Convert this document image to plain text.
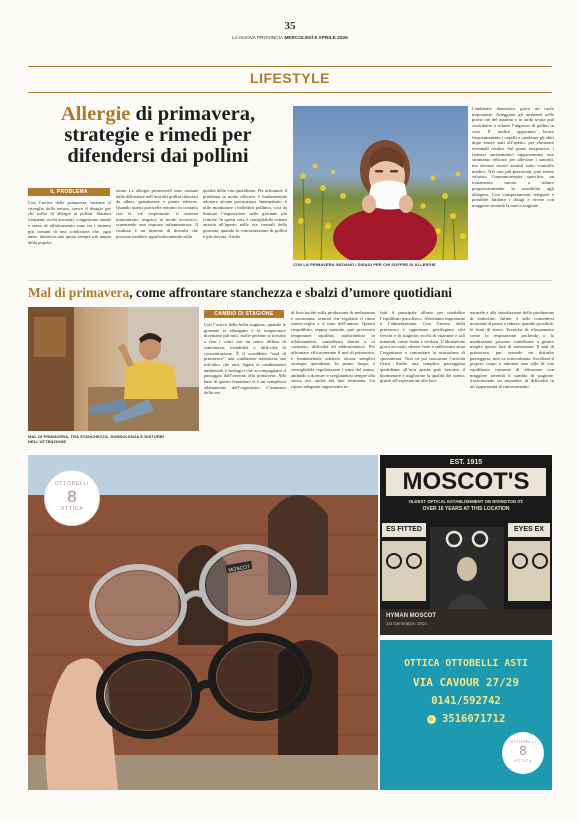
35
LA NUOVA PROVINCIA MERCOLEDÌ 8 APRILE 2026
LIFESTYLE
Allergie di primavera,
strategie e rimedi per
difendersi dai pollini
CON LA PRIMAVERA INIZIANO I DISAGI PER CHI SOFFRE DI ALLERGIE
IL PROBLEMA
Con l’arrivo della primavera, insieme al risveglio della natura, cresce il disagio per chi soffre di allergie ai pollini. Starnuti frequenti, occhi arrossati, congestione nasale e senso di affaticamento sono tra i sintomi più comuni di una condizione che, ogni anno, interessa una quota sempre più ampia della popola-
zione. Le allergie primaverili sono causate dalla diffusione nell’aria dei pollini rilasciati da alberi, graminacee e piante erbacee. Quando questi particelle entrano in contatto con le vie respiratorie, il sistema immunitario reagisce in modo eccessivo, scatenando una risposta infiammatoria. Il risultato è un insieme di disturbi che possono incidere significativamente sulla
qualità della vita quotidiana. Per affrontare il problema in modo efficace, è fondamentale adottare alcune precauzioni. Innanzitutto, è utile monitorare i bollettini pollinici, così da limitare l’esposizione nelle giornate più critiche. In questi casi, è consigliabile evitare attività all’aperto nelle ore centrali della giornata, quando la concentrazione di pollini è più elevata. Anche
l’ambiente domestico gioca un ruolo importante. Arieggiare gli ambienti nelle prime ore del mattino o in tarda serata può contribuire a ridurre l’ingresso di pollini in casa. È inoltre opportuno lavare frequentemente i capelli e cambiare gli abiti dopo essere stati all’aperto, per eliminare eventuali residui. Sul piano terapeutico, i farmaci antistaminici rappresentano uno strumento efficace per alleviare i sintomi, ma devono essere assunti sotto controllo medico. Nei casi più persistenti, può essere valutata l’immunoterapia specifica, un trattamento mirato a ridurre progressivamente la sensibilità agli allergeni. Con comportamenti adeguati e possibile limitare i disagi e vivere con maggiore serenità la nuova stagione.
Mal di primavera, come affrontare stanchezza e sbalzi d’umore quotidiani
MAL DI PRIMAVERA, TRA STANCHEZZA, SONNOLENZA E DISTURBI NELL’ATTENZIONE
CAMBIO DI STAGIONE
Con l’arrivo della bella stagione, quando le giornate si allungano e le temperature diventano più miti, molte persone si trovano a fare i conti con un senso diffuso di stanchezza, irritabilità e difficoltà di concentrazione. È il cosiddetto “mal di primavera”, una condizione transitoria, ma tutt’altro che rara, legata ai cambiamenti ambientali e biologici che accompagnano il passaggio dall’inverno alla primavera. Alla base di questo fenomeno vi è un complesso adattamento dell’organismo. L’aumento delle ore
di luce incide sulla produzione di melatonina e serotonina, ormoni che regolano il ritmo sonno-veglia e il tono dell’umore. Questo riequilibrio, seppur naturale, può provocare temporanei squilibri, traducendosi in affaticamento, sonnolenza diurna o, al contrario, difficoltà ad addormentarsi. Per affrontare efficacemente il mal di primavera, è fondamentale adottare alcune semplici strategie quotidiane. In primo luogo, è consigliabile regolarizzare i ritmi del sonno, andando a dormire e svegliandosi sempre alla stessa ora, anche nei fine settimana. Un riposo adeguato rappresenta in-
fatti il principale alleato per ristabilire l’equilibrio psicofisico. Altrettanto importante è l’alimentazione. Con l’arrivo della primavera è opportuno privilegiare cibi freschi e di stagione, ricchi di vitamine e sali minerali, come frutta e verdura. L’idratazione gioca un ruolo chiave: bere a sufficienza aiuta l’organismo a contrastare la sensazione di spossatezza. Non va poi trascurata l’attività fisica. Anche una semplice passeggiata quotidiana all’aria aperta può favorire il buonumore e migliorare la qualità del sonno, grazie all’esposizione alla luce
naturale e alla stimolazione della produzione di endorfine. Infine, è utile concedersi momenti di pausa e ridurre, quando possibile, le fonti di stress. Tecniche di rilassamento come la respirazione profonda o la meditazione possono contribuire a gestire meglio questa fase di transizione. Il mal di primavera, pur essendo un disturbo passeggero, non va sottovalutato. Ascoltare il proprio corpo e adottare uno stile di vita equilibrato consente di affrontare con maggiore serenità il cambio di stagione, trasformando un momento di difficoltà in un’opportunità di rinnovamento.
MOSCOT
OTTOBELLI
8
OTTICA
EST. 1915
MOSCOT'S
OLDEST OPTICAL ESTABLISHMENT ON RIVINGTON ST.
OVER 16 YEARS AT THIS LOCATION
ES FITTED	EYES EX
HYMAN MOSCOT
1st Generation 1914
OTTICA OTTOBELLI ASTI
VIA CAVOUR 27/29
0141/592742
✆ 3516071712
OTTOBELLI
8
OTTICA
